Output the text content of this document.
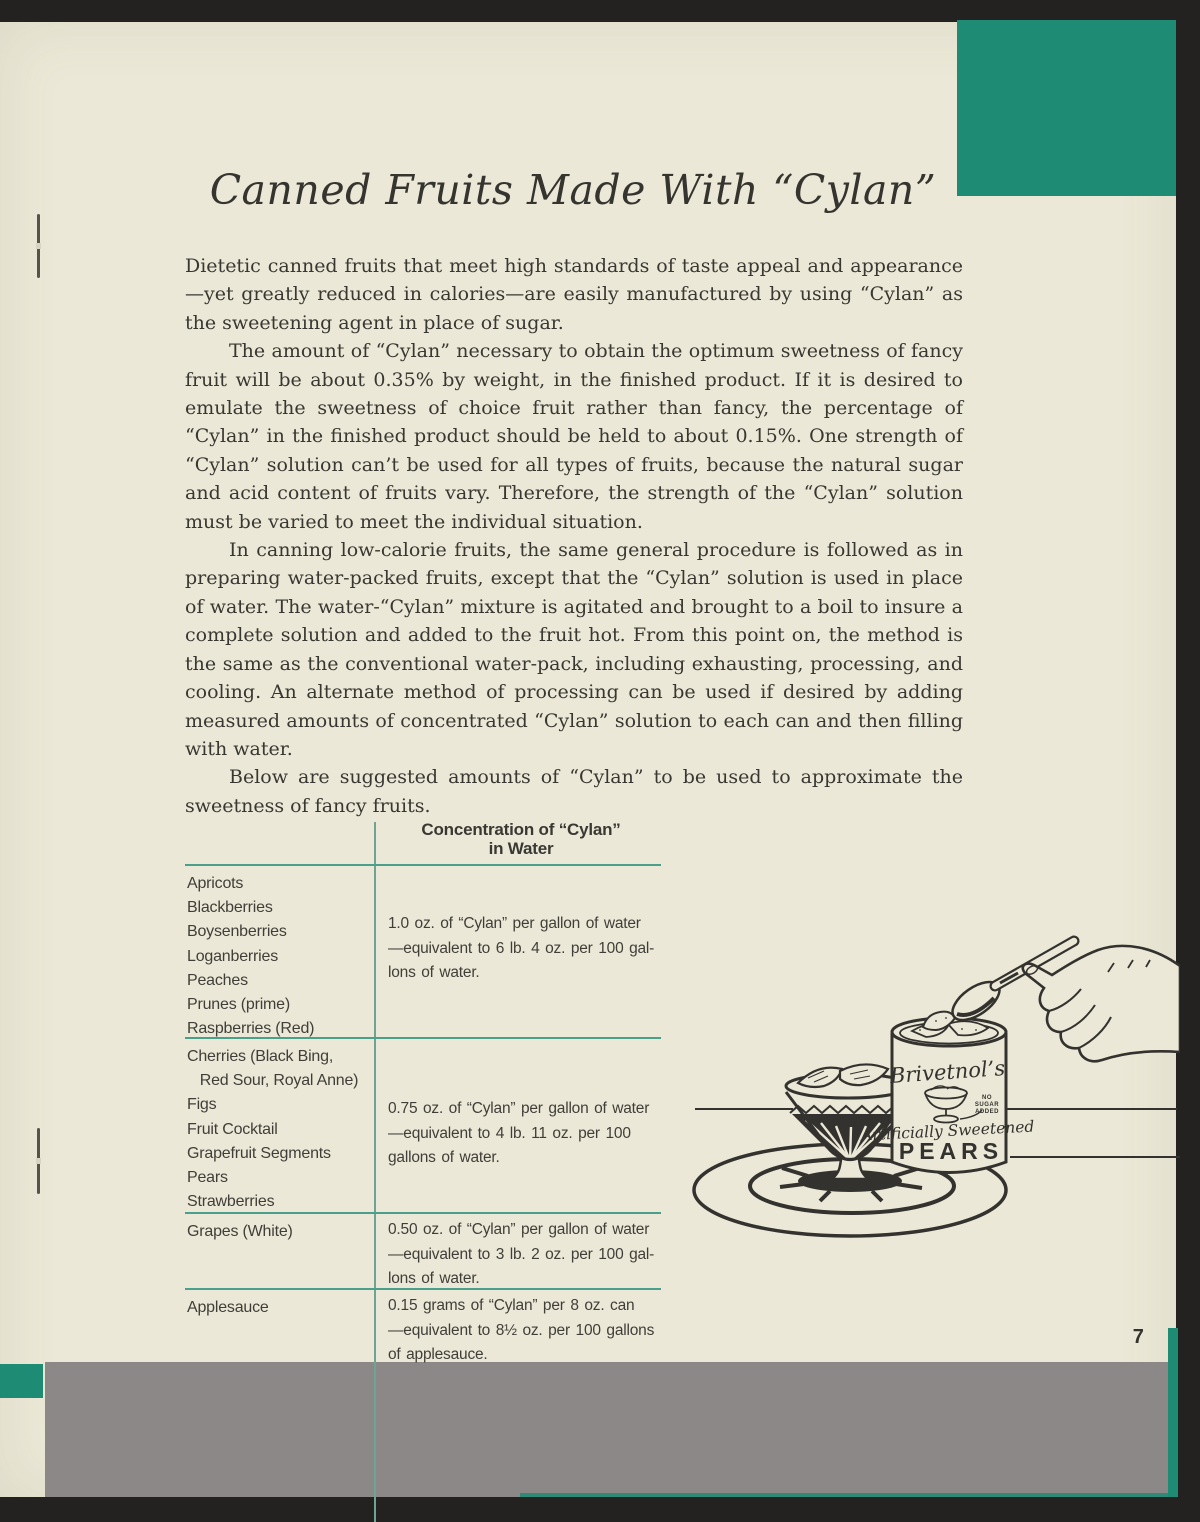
Canned Fruits Made With “Cylan”

Dietetic canned fruits that meet high standards of taste appeal and appearance—yet greatly reduced in calories—are easily manufactured by using “Cylan” as the sweetening agent in place of sugar.

The amount of “Cylan” necessary to obtain the optimum sweetness of fancy fruit will be about 0.35% by weight, in the finished product. If it is desired to emulate the sweetness of choice fruit rather than fancy, the percentage of “Cylan” in the finished product should be held to about 0.15%. One strength of “Cylan” solution can’t be used for all types of fruits, because the natural sugar and acid content of fruits vary. Therefore, the strength of the “Cylan” solution must be varied to meet the individual situation.

In canning low-calorie fruits, the same general procedure is followed as in preparing water-packed fruits, except that the “Cylan” solution is used in place of water. The water-“Cylan” mixture is agitated and brought to a boil to insure a complete solution and added to the fruit hot. From this point on, the method is the same as the conventional water-pack, including exhausting, processing, and cooling. An alternate method of processing can be used if desired by adding measured amounts of concentrated “Cylan” solution to each can and then filling with water.

Below are suggested amounts of “Cylan” to be used to approximate the sweetness of fancy fruits.

Concentration of “Cylan”
in Water
Apricots
Blackberries
Boysenberries
Loganberries
Peaches
Prunes (prime)
Raspberries (Red)
1.0 oz. of “Cylan” per gallon of water
—equivalent to 6 lb. 4 oz. per 100 gal-
lons of water.
Cherries (Black Bing,
Red Sour, Royal Anne)
Figs
Fruit Cocktail
Grapefruit Segments
Pears
Strawberries
0.75 oz. of “Cylan” per gallon of water
—equivalent to 4 lb. 11 oz. per 100
gallons of water.
Grapes (White)	0.50 oz. of “Cylan” per gallon of water
—equivalent to 3 lb. 2 oz. per 100 gal-
lons of water.
Applesauce	0.15 grams of “Cylan” per 8 oz. can
—equivalent to 8½ oz. per 100 gallons
of applesauce.
Brivetnol’s
NO
SUGAR
ADDED
Artificially Sweetened
PEARS
7
